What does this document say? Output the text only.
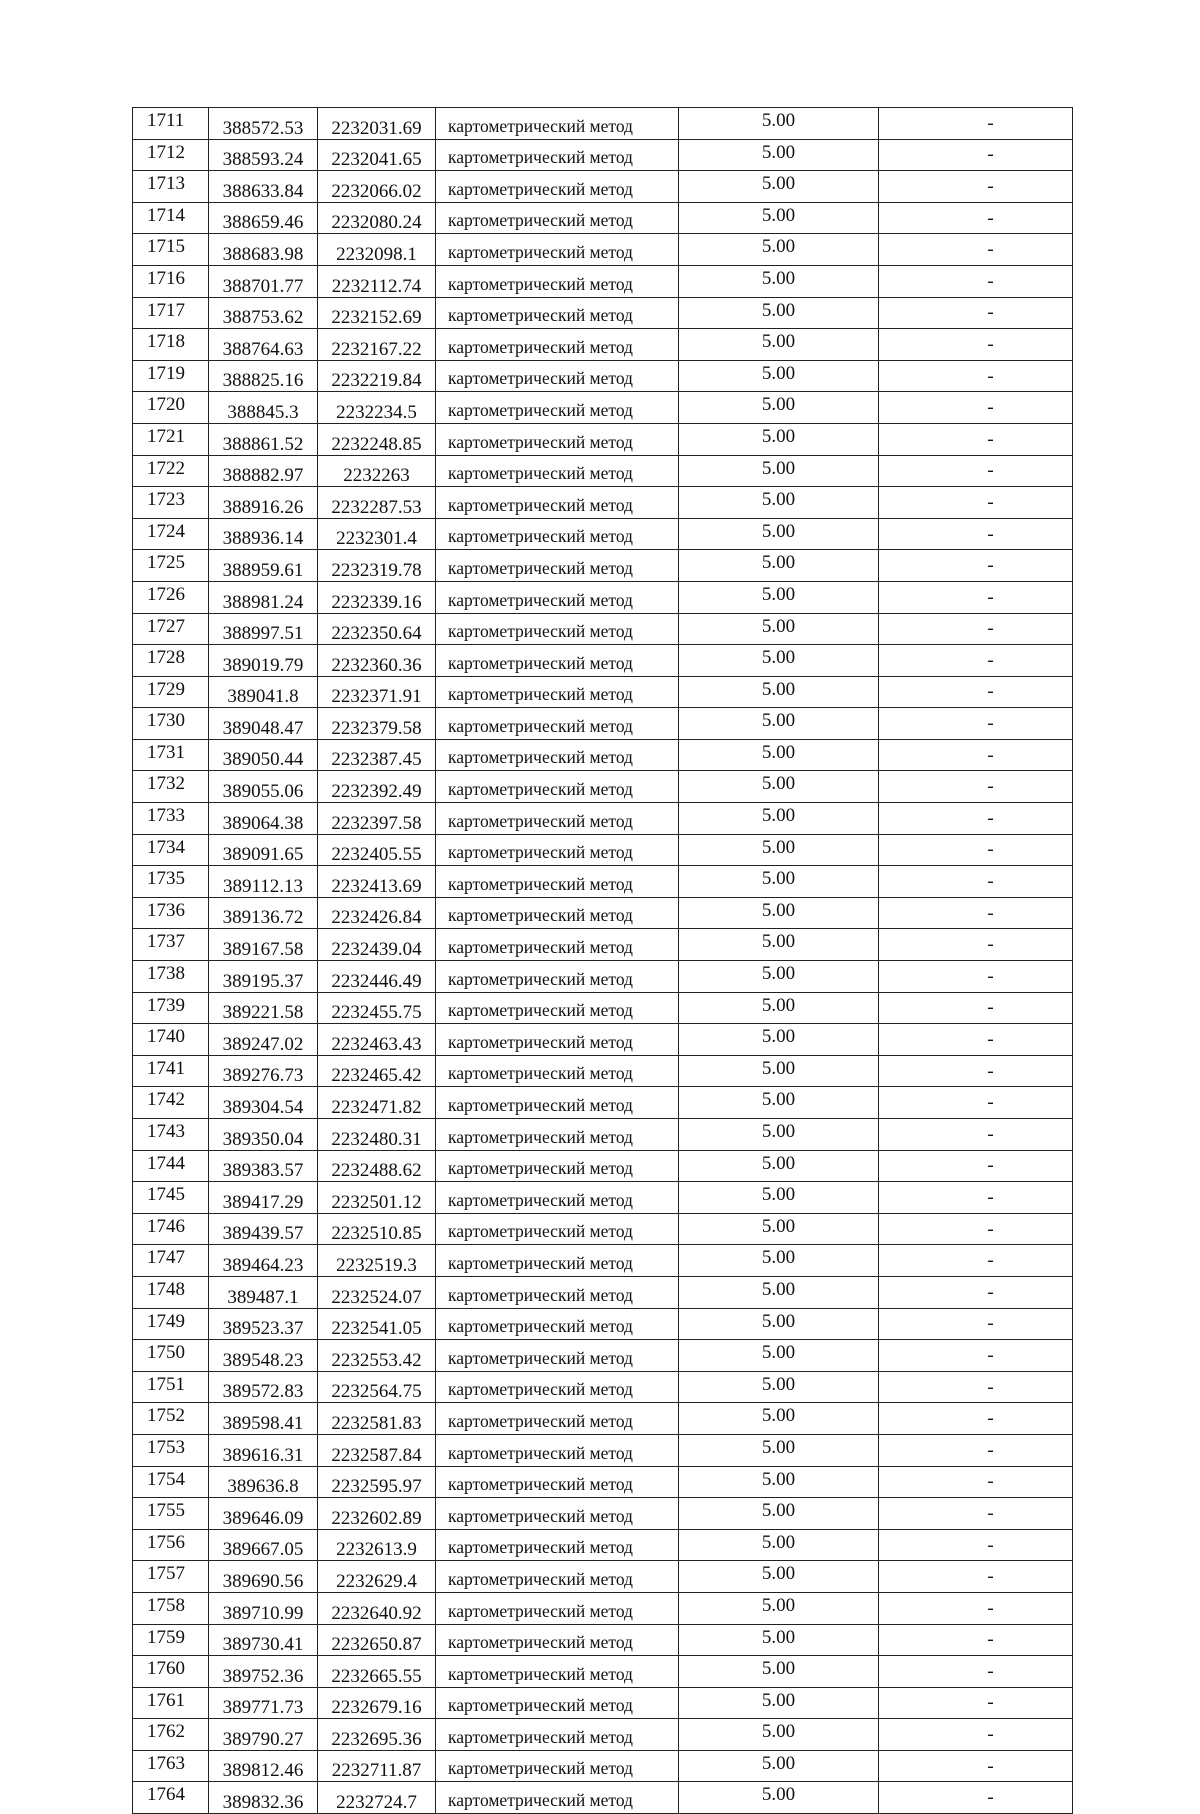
1711	388572.53	2232031.69	картометрический метод	5.00	-
1712	388593.24	2232041.65	картометрический метод	5.00	-
1713	388633.84	2232066.02	картометрический метод	5.00	-
1714	388659.46	2232080.24	картометрический метод	5.00	-
1715	388683.98	2232098.1	картометрический метод	5.00	-
1716	388701.77	2232112.74	картометрический метод	5.00	-
1717	388753.62	2232152.69	картометрический метод	5.00	-
1718	388764.63	2232167.22	картометрический метод	5.00	-
1719	388825.16	2232219.84	картометрический метод	5.00	-
1720	388845.3	2232234.5	картометрический метод	5.00	-
1721	388861.52	2232248.85	картометрический метод	5.00	-
1722	388882.97	2232263	картометрический метод	5.00	-
1723	388916.26	2232287.53	картометрический метод	5.00	-
1724	388936.14	2232301.4	картометрический метод	5.00	-
1725	388959.61	2232319.78	картометрический метод	5.00	-
1726	388981.24	2232339.16	картометрический метод	5.00	-
1727	388997.51	2232350.64	картометрический метод	5.00	-
1728	389019.79	2232360.36	картометрический метод	5.00	-
1729	389041.8	2232371.91	картометрический метод	5.00	-
1730	389048.47	2232379.58	картометрический метод	5.00	-
1731	389050.44	2232387.45	картометрический метод	5.00	-
1732	389055.06	2232392.49	картометрический метод	5.00	-
1733	389064.38	2232397.58	картометрический метод	5.00	-
1734	389091.65	2232405.55	картометрический метод	5.00	-
1735	389112.13	2232413.69	картометрический метод	5.00	-
1736	389136.72	2232426.84	картометрический метод	5.00	-
1737	389167.58	2232439.04	картометрический метод	5.00	-
1738	389195.37	2232446.49	картометрический метод	5.00	-
1739	389221.58	2232455.75	картометрический метод	5.00	-
1740	389247.02	2232463.43	картометрический метод	5.00	-
1741	389276.73	2232465.42	картометрический метод	5.00	-
1742	389304.54	2232471.82	картометрический метод	5.00	-
1743	389350.04	2232480.31	картометрический метод	5.00	-
1744	389383.57	2232488.62	картометрический метод	5.00	-
1745	389417.29	2232501.12	картометрический метод	5.00	-
1746	389439.57	2232510.85	картометрический метод	5.00	-
1747	389464.23	2232519.3	картометрический метод	5.00	-
1748	389487.1	2232524.07	картометрический метод	5.00	-
1749	389523.37	2232541.05	картометрический метод	5.00	-
1750	389548.23	2232553.42	картометрический метод	5.00	-
1751	389572.83	2232564.75	картометрический метод	5.00	-
1752	389598.41	2232581.83	картометрический метод	5.00	-
1753	389616.31	2232587.84	картометрический метод	5.00	-
1754	389636.8	2232595.97	картометрический метод	5.00	-
1755	389646.09	2232602.89	картометрический метод	5.00	-
1756	389667.05	2232613.9	картометрический метод	5.00	-
1757	389690.56	2232629.4	картометрический метод	5.00	-
1758	389710.99	2232640.92	картометрический метод	5.00	-
1759	389730.41	2232650.87	картометрический метод	5.00	-
1760	389752.36	2232665.55	картометрический метод	5.00	-
1761	389771.73	2232679.16	картометрический метод	5.00	-
1762	389790.27	2232695.36	картометрический метод	5.00	-
1763	389812.46	2232711.87	картометрический метод	5.00	-
1764	389832.36	2232724.7	картометрический метод	5.00	-
